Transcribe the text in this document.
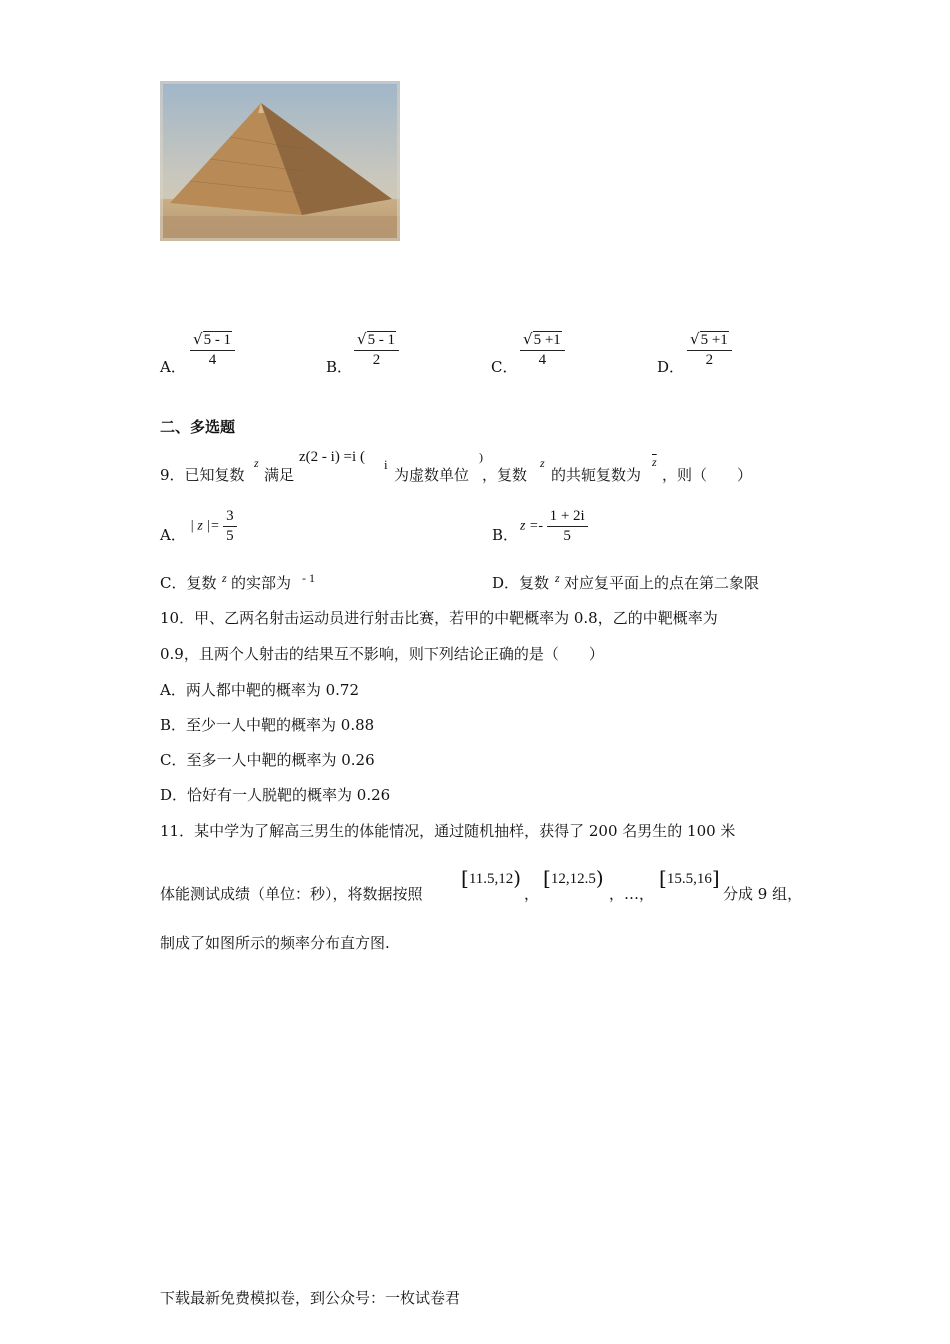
A． $\frac{√5 - 1}{4}$	B． $\frac{√5 - 1}{2}$	C． $\frac{√5 +1}{4}$	D． $\frac{√5 +1}{2}$
二、多选题
9．已知复数
z
满足
z(2 - i) =i ( i
为虚数单位
)
，复数
z
的共轭复数为
$\overline{z}$
，则（　　）
A． | z |= $\frac{3}{5}$	B． $z =- \frac{1 + 2i}{5}$
C．复数 z 的实部为 - 1	D．复数 z 对应复平面上的点在第二象限
10．甲、乙两名射击运动员进行射击比赛，若甲的中靶概率为 0.8，乙的中靶概率为
0.9，且两个人射击的结果互不影响，则下列结论正确的是（　　）
A．两人都中靶的概率为 0.72
B．至少一人中靶的概率为 0.88
C．至多一人中靶的概率为 0.26
D．恰好有一人脱靶的概率为 0.26
11．某中学为了解高三男生的体能情况，通过随机抽样，获得了 200 名男生的 100 米
体能测试成绩（单位：秒），将数据按照
[11.5,12)
，
[12,12.5)
，…，
[15.5,16]
分成 9 组，
制成了如图所示的频率分布直方图.
下载最新免费模拟卷，到公众号：一枚试卷君
